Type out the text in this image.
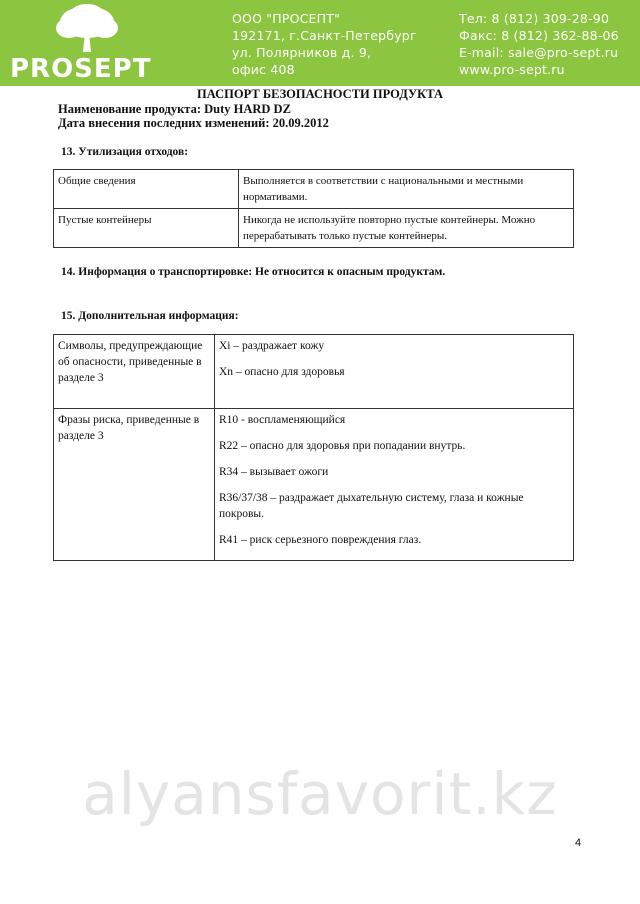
PROSEPT
ООО "ПРОСЕПТ"
192171, г.Санкт-Петербург
ул. Полярников д. 9,
офис 408
Тел: 8 (812) 309-28-90
Факс: 8 (812) 362-88-06
E-mail: sale@pro-sept.ru
www.pro-sept.ru
ПАСПОРТ БЕЗОПАСНОСТИ ПРОДУКТА
Наименование продукта: Duty HARD DZ
Дата внесения последних изменений: 20.09.2012
13. Утилизация отходов:
Общие сведения	Выполняется в соответствии с национальными и местными нормативами.
Пустые контейнеры	Никогда не используйте повторно пустые контейнеры. Можно перерабатывать только пустые контейнеры.
14. Информация о транспортировке: Не относится к опасным продуктам.
15. Дополнительная информация:
Символы, предупреждающие об опасности, приведенные в разделе 3	Xi – раздражает кожу

Xn – опасно для здоровья

Фразы риска, приведенные в разделе 3	R10 - воспламеняющийся

R22 – опасно для здоровья при попадании внутрь.

R34 – вызывает ожоги

R36/37/38 – раздражает дыхательную систему, глаза и кожные покровы.

R41 – риск серьезного повреждения глаз.

alyansfavorit.kz
4
